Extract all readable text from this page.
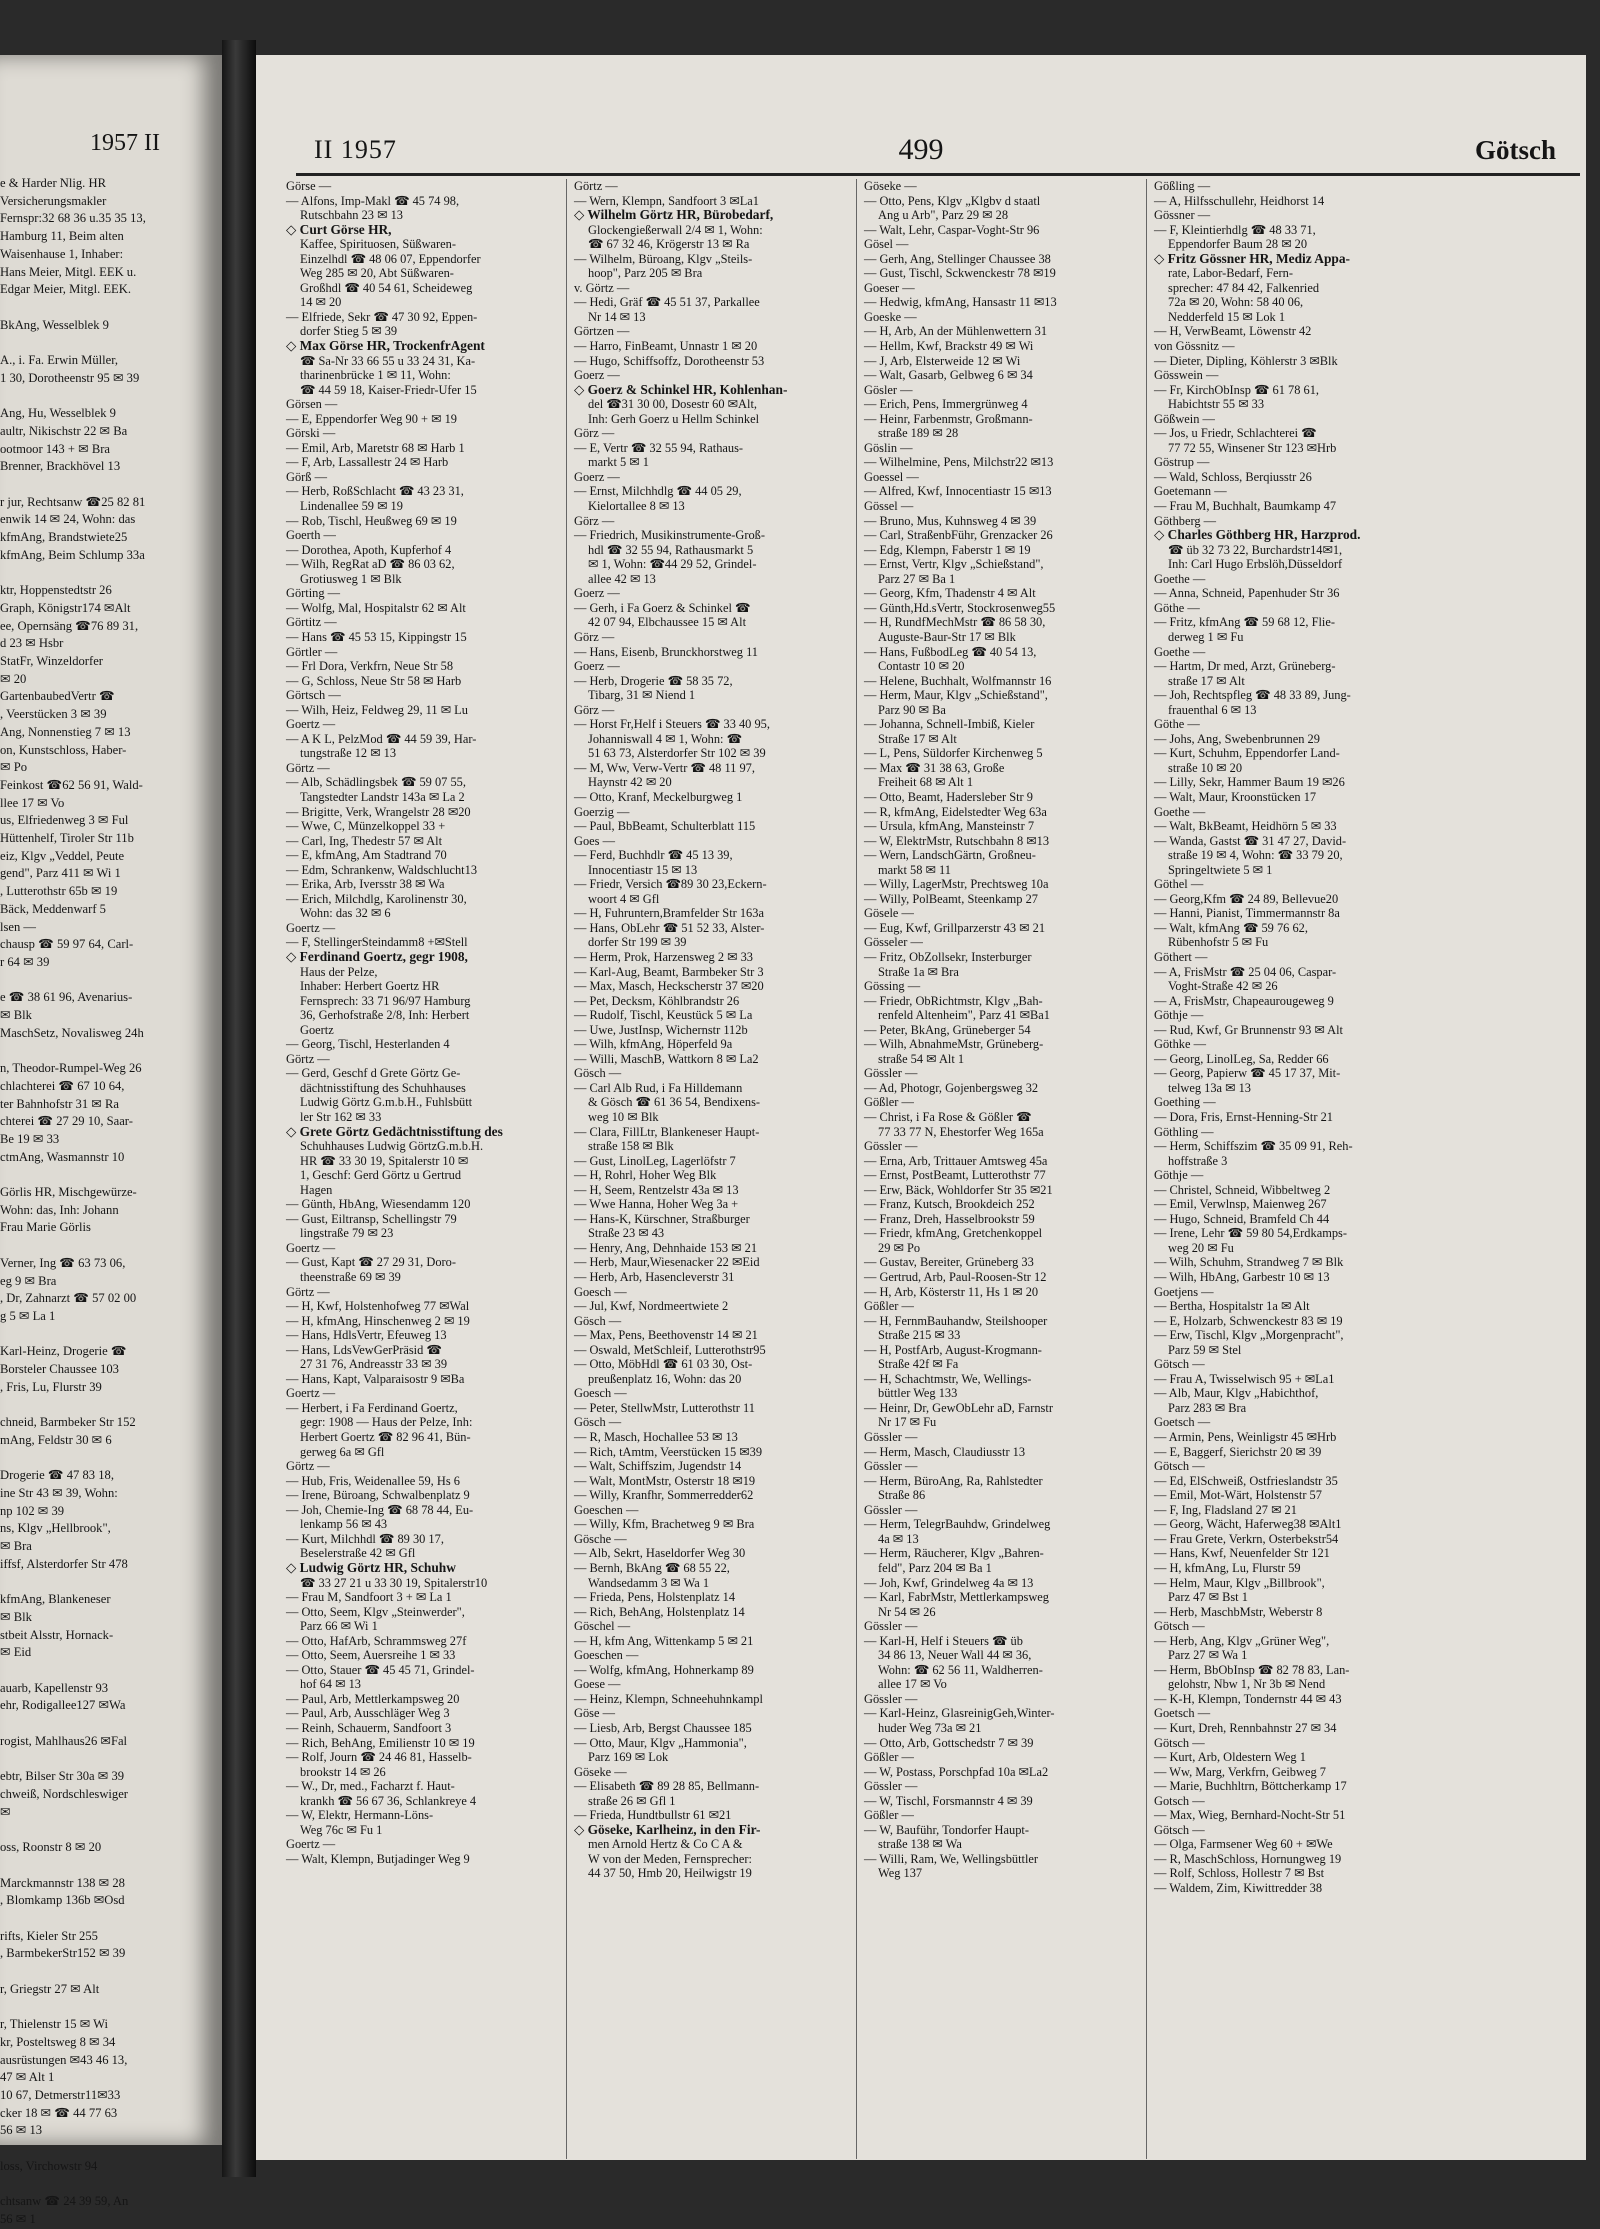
1957 II
e & Harder Nlig. HR
Versicherungsmakler
Fernspr:32 68 36 u.35 35 13,
Hamburg 11, Beim alten
Waisenhause 1, Inhaber:
Hans Meier, Mitgl. EEK u.
Edgar Meier, Mitgl. EEK.

BkAng, Wesselblek 9

A., i. Fa. Erwin Müller,
1 30, Dorotheenstr 95 ✉ 39

Ang, Hu, Wesselblek 9
aultr, Nikischstr 22 ✉ Ba
ootmoor 143 + ✉ Bra
Brenner, Brackhövel 13

r jur, Rechtsanw ☎25 82 81
enwik 14 ✉ 24, Wohn: das
kfmAng, Brandstwiete25
kfmAng, Beim Schlump 33a

ktr, Hoppenstedtstr 26
Graph, Königstr174 ✉Alt
ee, Opernsäng ☎76 89 31,
d 23 ✉ Hsbr
StatFr, Winzeldorfer
✉ 20
GartenbaubedVertr ☎
, Veerstücken 3 ✉ 39
Ang, Nonnenstieg 7 ✉ 13
on, Kunstschloss, Haber-
✉ Po
Feinkost ☎62 56 91, Wald-
llee 17 ✉ Vo
us, Elfriedenweg 3 ✉ Ful
Hüttenhelf, Tiroler Str 11b
eiz, Klgv „Veddel, Peute
gend", Parz 411 ✉ Wi 1
, Lutterothstr 65b ✉ 19
Bäck, Meddenwarf 5
lsen —
chausp ☎ 59 97 64, Carl-
r 64 ✉ 39

e ☎ 38 61 96, Avenarius-
✉ Blk
MaschSetz, Novalisweg 24h

n, Theodor-Rumpel-Weg 26
chlachterei ☎ 67 10 64,
ter Bahnhofstr 31 ✉ Ra
chterei ☎ 27 29 10, Saar-
Be 19 ✉ 33
ctmAng, Wasmannstr 10

Görlis HR, Mischgewürze-
Wohn: das, Inh: Johann
Frau Marie Görlis

Verner, Ing ☎ 63 73 06,
eg 9 ✉ Bra
, Dr, Zahnarzt ☎ 57 02 00
g 5 ✉ La 1

Karl-Heinz, Drogerie ☎
Borsteler Chaussee 103
, Fris, Lu, Flurstr 39

chneid, Barmbeker Str 152
mAng, Feldstr 30 ✉ 6

Drogerie ☎ 47 83 18,
ine Str 43 ✉ 39, Wohn:
np 102 ✉ 39
ns, Klgv „Hellbrook",
✉ Bra
iffsf, Alsterdorfer Str 478

kfmAng, Blankeneser
✉ Blk
stbeit Alsstr, Hornack-
✉ Eid

auarb, Kapellenstr 93
ehr, Rodigallee127 ✉Wa

rogist, Mahlhaus26 ✉Fal

ebtr, Bilser Str 30a ✉ 39
chweiß, Nordschleswiger
✉

oss, Roonstr 8 ✉ 20

Marckmannstr 138 ✉ 28
, Blomkamp 136b ✉Osd

rifts, Kieler Str 255
, BarmbekerStr152 ✉ 39

r, Griegstr 27 ✉ Alt

r, Thielenstr 15 ✉ Wi
kr, Posteltsweg 8 ✉ 34
ausrüstungen ✉43 46 13,
47 ✉ Alt 1
10 67, Detmerstr11✉33
cker 18 ✉ ☎ 44 77 63
56 ✉ 13

loss, Virchowstr 94

chtsanw ☎ 24 39 59, An
56 ✉ 1
II 1957	499	Götsch
Görse —
— Alfons, Imp-Makl ☎ 45 74 98,
Rutschbahn 23 ✉ 13
◇ Curt Görse HR,
Kaffee, Spirituosen, Süßwaren-
Einzelhdl ☎ 48 06 07, Eppendorfer
Weg 285 ✉ 20, Abt Süßwaren-
Großhdl ☎ 40 54 61, Scheideweg
14 ✉ 20
— Elfriede, Sekr ☎ 47 30 92, Eppen-
dorfer Stieg 5 ✉ 39
◇ Max Görse HR, TrockenfrAgent
☎ Sa-Nr 33 66 55 u 33 24 31, Ka-
tharinenbrücke 1 ✉ 11, Wohn:
☎ 44 59 18, Kaiser-Friedr-Ufer 15
Görsen —
— E, Eppendorfer Weg 90 + ✉ 19
Görski —
— Emil, Arb, Maretstr 68 ✉ Harb 1
— F, Arb, Lassallestr 24 ✉ Harb
Görß —
— Herb, RoßSchlacht ☎ 43 23 31,
Lindenallee 59 ✉ 19
— Rob, Tischl, Heußweg 69 ✉ 19
Goerth —
— Dorothea, Apoth, Kupferhof 4
— Wilh, RegRat aD ☎ 86 03 62,
Grotiusweg 1 ✉ Blk
Görting —
— Wolfg, Mal, Hospitalstr 62 ✉ Alt
Görtitz —
— Hans ☎ 45 53 15, Kippingstr 15
Görtler —
— Frl Dora, Verkfrn, Neue Str 58
— G, Schloss, Neue Str 58 ✉ Harb
Görtsch —
— Wilh, Heiz, Feldweg 29, 11 ✉ Lu
Goertz —
— A K L, PelzMod ☎ 44 59 39, Har-
tungstraße 12 ✉ 13
Görtz —
— Alb, Schädlingsbek ☎ 59 07 55,
Tangstedter Landstr 143a ✉ La 2
— Brigitte, Verk, Wrangelstr 28 ✉20
— Wwe, C, Münzelkoppel 33 +
— Carl, Ing, Thedestr 57 ✉ Alt
— E, kfmAng, Am Stadtrand 70
— Edm, Schrankenw, Waldschlucht13
— Erika, Arb, Iversstr 38 ✉ Wa
— Erich, Milchdlg, Karolinenstr 30,
Wohn: das 32 ✉ 6
Goertz —
— F, StellingerSteindamm8 +✉Stell
◇ Ferdinand Goertz, gegr 1908,
Haus der Pelze,
Inhaber: Herbert Goertz HR
Fernsprech: 33 71 96/97 Hamburg
36, Gerhofstraße 2/8, Inh: Herbert
Goertz
— Georg, Tischl, Hesterlanden 4
Görtz —
— Gerd, Geschf d Grete Görtz Ge-
dächtnisstiftung des Schuhhauses
Ludwig Görtz G.m.b.H., Fuhlsbütt
ler Str 162 ✉ 33
◇ Grete Görtz Gedächtnisstiftung des
Schuhhauses Ludwig GörtzG.m.b.H.
HR ☎ 33 30 19, Spitalerstr 10 ✉
1, Geschf: Gerd Görtz u Gertrud
Hagen
— Günth, HbAng, Wiesendamm 120
— Gust, Eiltransp, Schellingstr 79
lingstraße 79 ✉ 23
Goertz —
— Gust, Kapt ☎ 27 29 31, Doro-
theenstraße 69 ✉ 39
Görtz —
— H, Kwf, Holstenhofweg 77 ✉Wal
— H, kfmAng, Hinschenweg 2 ✉ 19
— Hans, HdlsVertr, Efeuweg 13
— Hans, LdsVewGerPräsid ☎
27 31 76, Andreasstr 33 ✉ 39
— Hans, Kapt, Valparaisostr 9 ✉Ba
Goertz —
— Herbert, i Fa Ferdinand Goertz,
gegr: 1908 — Haus der Pelze, Inh:
Herbert Goertz ☎ 82 96 41, Bün-
gerweg 6a ✉ Gfl
Görtz —
— Hub, Fris, Weidenallee 59, Hs 6
— Irene, Büroang, Schwalbenplatz 9
— Joh, Chemie-Ing ☎ 68 78 44, Eu-
lenkamp 56 ✉ 43
— Kurt, Milchhdl ☎ 89 30 17,
Beselerstraße 42 ✉ Gfl
◇ Ludwig Görtz HR, Schuhw
☎ 33 27 21 u 33 30 19, Spitalerstr10
— Frau M, Sandfoort 3 + ✉ La 1
— Otto, Seem, Klgv „Steinwerder",
Parz 66 ✉ Wi 1
— Otto, HafArb, Schrammsweg 27f
— Otto, Seem, Auersreihe 1 ✉ 33
— Otto, Stauer ☎ 45 45 71, Grindel-
hof 64 ✉ 13
— Paul, Arb, Mettlerkampsweg 20
— Paul, Arb, Ausschläger Weg 3
— Reinh, Schauerm, Sandfoort 3
— Rich, BehAng, Emilienstr 10 ✉ 19
— Rolf, Journ ☎ 24 46 81, Hasselb-
brookstr 14 ✉ 26
— W., Dr, med., Facharzt f. Haut-
krankh ☎ 56 67 36, Schlankreye 4
— W, Elektr, Hermann-Löns-
Weg 76c ✉ Fu 1
Goertz —
— Walt, Klempn, Butjadinger Weg 9
Görtz —
— Wern, Klempn, Sandfoort 3 ✉La1
◇ Wilhelm Görtz HR, Bürobedarf,
Glockengießerwall 2/4 ✉ 1, Wohn:
☎ 67 32 46, Krögerstr 13 ✉ Ra
— Wilhelm, Büroang, Klgv „Steils-
hoop", Parz 205 ✉ Bra
v. Görtz —
— Hedi, Gräf ☎ 45 51 37, Parkallee
Nr 14 ✉ 13
Görtzen —
— Harro, FinBeamt, Unnastr 1 ✉ 20
— Hugo, Schiffsoffz, Dorotheenstr 53
Goerz —
◇ Goerz & Schinkel HR, Kohlenhan-
del ☎31 30 00, Dosestr 60 ✉Alt,
Inh: Gerh Goerz u Hellm Schinkel
Görz —
— E, Vertr ☎ 32 55 94, Rathaus-
markt 5 ✉ 1
Goerz —
— Ernst, Milchhdlg ☎ 44 05 29,
Kielortallee 8 ✉ 13
Görz —
— Friedrich, Musikinstrumente-Groß-
hdl ☎ 32 55 94, Rathausmarkt 5
✉ 1, Wohn: ☎44 29 52, Grindel-
allee 42 ✉ 13
Goerz —
— Gerh, i Fa Goerz & Schinkel ☎
42 07 94, Elbchaussee 15 ✉ Alt
Görz —
— Hans, Eisenb, Brunckhorstweg 11
Goerz —
— Herb, Drogerie ☎ 58 35 72,
Tibarg, 31 ✉ Niend 1
Görz —
— Horst Fr,Helf i Steuers ☎ 33 40 95,
Johanniswall 4 ✉ 1, Wohn: ☎
51 63 73, Alsterdorfer Str 102 ✉ 39
— M, Ww, Verw-Vertr ☎ 48 11 97,
Haynstr 42 ✉ 20
— Otto, Kranf, Meckelburgweg 1
Goerzig —
— Paul, BbBeamt, Schulterblatt 115
Goes —
— Ferd, Buchhdlr ☎ 45 13 39,
Innocentiastr 15 ✉ 13
— Friedr, Versich ☎89 30 23,Eckern-
woort 4 ✉ Gfl
— H, Fuhruntern,Bramfelder Str 163a
— Hans, ObLehr ☎ 51 52 33, Alster-
dorfer Str 199 ✉ 39
— Herm, Prok, Harzensweg 2 ✉ 33
— Karl-Aug, Beamt, Barmbeker Str 3
— Max, Masch, Heckscherstr 37 ✉20
— Pet, Decksm, Köhlbrandstr 26
— Rudolf, Tischl, Keustück 5 ✉ La
— Uwe, JustInsp, Wichernstr 112b
— Wilh, kfmAng, Höperfeld 9a
— Willi, MaschB, Wattkorn 8 ✉ La2
Gösch —
— Carl Alb Rud, i Fa Hilldemann
& Gösch ☎ 61 36 54, Bendixens-
weg 10 ✉ Blk
— Clara, FillLtr, Blankeneser Haupt-
straße 158 ✉ Blk
— Gust, LinolLeg, Lagerlöfstr 7
— H, Rohrl, Hoher Weg Blk
— H, Seem, Rentzelstr 43a ✉ 13
— Wwe Hanna, Hoher Weg 3a +
— Hans-K, Kürschner, Straßburger
Straße 23 ✉ 43
— Henry, Ang, Dehnhaide 153 ✉ 21
— Herb, Maur,Wiesenacker 22 ✉Eid
— Herb, Arb, Hasencleverstr 31
Goesch —
— Jul, Kwf, Nordmeertwiete 2
Gösch —
— Max, Pens, Beethovenstr 14 ✉ 21
— Oswald, MetSchleif, Lutterothstr95
— Otto, MöbHdl ☎ 61 03 30, Ost-
preußenplatz 16, Wohn: das 20
Goesch —
— Peter, StellwMstr, Lutterothstr 11
Gösch —
— R, Masch, Hochallee 53 ✉ 13
— Rich, tAmtm, Veerstücken 15 ✉39
— Walt, Schiffszim, Jugendstr 14
— Walt, MontMstr, Osterstr 18 ✉19
— Willy, Kranfhr, Sommerredder62
Goeschen —
— Willy, Kfm, Brachetweg 9 ✉ Bra
Gösche —
— Alb, Sekrt, Haseldorfer Weg 30
— Bernh, BkAng ☎ 68 55 22,
Wandsedamm 3 ✉ Wa 1
— Frieda, Pens, Holstenplatz 14
— Rich, BehAng, Holstenplatz 14
Göschel —
— H, kfm Ang, Wittenkamp 5 ✉ 21
Goeschen —
— Wolfg, kfmAng, Hohnerkamp 89
Goese —
— Heinz, Klempn, Schneehuhnkampl
Göse —
— Liesb, Arb, Bergst Chaussee 185
— Otto, Maur, Klgv „Hammonia",
Parz 169 ✉ Lok
Göseke —
— Elisabeth ☎ 89 28 85, Bellmann-
straße 26 ✉ Gfl 1
— Frieda, Hundtbullstr 61 ✉21
◇ Göseke, Karlheinz, in den Fir-
men Arnold Hertz & Co C A &
W von der Meden, Fernsprecher:
44 37 50, Hmb 20, Heilwigstr 19
Göseke —
— Otto, Pens, Klgv „Klgbv d staatl
Ang u Arb", Parz 29 ✉ 28
— Walt, Lehr, Caspar-Voght-Str 96
Gösel —
— Gerh, Ang, Stellinger Chaussee 38
— Gust, Tischl, Sckwenckestr 78 ✉19
Goeser —
— Hedwig, kfmAng, Hansastr 11 ✉13
Goeske —
— H, Arb, An der Mühlenwettern 31
— Hellm, Kwf, Brackstr 49 ✉ Wi
— J, Arb, Elsterweide 12 ✉ Wi
— Walt, Gasarb, Gelbweg 6 ✉ 34
Gösler —
— Erich, Pens, Immergrünweg 4
— Heinr, Farbenmstr, Großmann-
straße 189 ✉ 28
Göslin —
— Wilhelmine, Pens, Milchstr22 ✉13
Goessel —
— Alfred, Kwf, Innocentiastr 15 ✉13
Gössel —
— Bruno, Mus, Kuhnsweg 4 ✉ 39
— Carl, StraßenbFühr, Grenzacker 26
— Edg, Klempn, Faberstr 1 ✉ 19
— Ernst, Vertr, Klgv „Schießstand",
Parz 27 ✉ Ba 1
— Georg, Kfm, Thadenstr 4 ✉ Alt
— Günth,Hd.sVertr, Stockrosenweg55
— H, RundfMechMstr ☎ 86 58 30,
Auguste-Baur-Str 17 ✉ Blk
— Hans, FußbodLeg ☎ 40 54 13,
Contastr 10 ✉ 20
— Helene, Buchhalt, Wolfmannstr 16
— Herm, Maur, Klgv „Schießstand",
Parz 90 ✉ Ba
— Johanna, Schnell-Imbiß, Kieler
Straße 17 ✉ Alt
— L, Pens, Süldorfer Kirchenweg 5
— Max ☎ 31 38 63, Große
Freiheit 68 ✉ Alt 1
— Otto, Beamt, Hadersleber Str 9
— R, kfmAng, Eidelstedter Weg 63a
— Ursula, kfmAng, Mansteinstr 7
— W, ElektrMstr, Rutschbahn 8 ✉13
— Wern, LandschGärtn, Großneu-
markt 58 ✉ 11
— Willy, LagerMstr, Prechtsweg 10a
— Willy, PolBeamt, Steenkamp 27
Gösele —
— Eug, Kwf, Grillparzerstr 43 ✉ 21
Gösseler —
— Fritz, ObZollsekr, Insterburger
Straße 1a ✉ Bra
Gössing —
— Friedr, ObRichtmstr, Klgv „Bah-
renfeld Altenheim", Parz 41 ✉Ba1
— Peter, BkAng, Grüneberger 54
— Wilh, AbnahmeMstr, Grüneberg-
straße 54 ✉ Alt 1
Gössler —
— Ad, Photogr, Gojenbergsweg 32
Gößler —
— Christ, i Fa Rose & Gößler ☎
77 33 77 N, Ehestorfer Weg 165a
Gössler —
— Erna, Arb, Trittauer Amtsweg 45a
— Ernst, PostBeamt, Lutterothstr 77
— Erw, Bäck, Wohldorfer Str 35 ✉21
— Franz, Kutsch, Brookdeich 252
— Franz, Dreh, Hasselbrookstr 59
— Friedr, kfmAng, Gretchenkoppel
29 ✉ Po
— Gustav, Bereiter, Grüneberg 33
— Gertrud, Arb, Paul-Roosen-Str 12
— H, Arb, Kösterstr 11, Hs 1 ✉ 20
Gößler —
— H, FernmBauhandw, Steilshooper
Straße 215 ✉ 33
— H, PostfArb, August-Krogmann-
Straße 42f ✉ Fa
— H, Schachtmstr, We, Wellings-
büttler Weg 133
— Heinr, Dr, GewObLehr aD, Farnstr
Nr 17 ✉ Fu
Gössler —
— Herm, Masch, Claudiusstr 13
Gössler —
— Herm, BüroAng, Ra, Rahlstedter
Straße 86
Gössler —
— Herm, TelegrBauhdw, Grindelweg
4a ✉ 13
— Herm, Räucherer, Klgv „Bahren-
feld", Parz 204 ✉ Ba 1
— Joh, Kwf, Grindelweg 4a ✉ 13
— Karl, FabrMstr, Mettlerkampsweg
Nr 54 ✉ 26
Gössler —
— Karl-H, Helf i Steuers ☎ üb
34 86 13, Neuer Wall 44 ✉ 36,
Wohn: ☎ 62 56 11, Waldherren-
allee 17 ✉ Vo
Gössler —
— Karl-Heinz, GlasreinigGeh,Winter-
huder Weg 73a ✉ 21
— Otto, Arb, Gottschedstr 7 ✉ 39
Gößler —
— W, Postass, Porschpfad 10a ✉La2
Gössler —
— W, Tischl, Forsmannstr 4 ✉ 39
Gößler —
— W, Bauführ, Tondorfer Haupt-
straße 138 ✉ Wa
— Willi, Ram, We, Wellingsbüttler
Weg 137
Gößling —
— A, Hilfsschullehr, Heidhorst 14
Gössner —
— F, Kleintierhdlg ☎ 48 33 71,
Eppendorfer Baum 28 ✉ 20
◇ Fritz Gössner HR, Mediz Appa-
rate, Labor-Bedarf, Fern-
sprecher: 47 84 42, Falkenried
72a ✉ 20, Wohn: 58 40 06,
Nedderfeld 15 ✉ Lok 1
— H, VerwBeamt, Löwenstr 42
von Gössnitz —
— Dieter, Dipling, Köhlerstr 3 ✉Blk
Gösswein —
— Fr, KirchObInsp ☎ 61 78 61,
Habichtstr 55 ✉ 33
Gößwein —
— Jos, u Friedr, Schlachterei ☎
77 72 55, Winsener Str 123 ✉Hrb
Göstrup —
— Wald, Schloss, Berqiusstr 26
Goetemann —
— Frau M, Buchhalt, Baumkamp 47
Göthberg —
◇ Charles Göthberg HR, Harzprod.
☎ üb 32 73 22, Burchardstr14✉1,
Inh: Carl Hugo Erbslöh,Düsseldorf
Goethe —
— Anna, Schneid, Papenhuder Str 36
Göthe —
— Fritz, kfmAng ☎ 59 68 12, Flie-
derweg 1 ✉ Fu
Goethe —
— Hartm, Dr med, Arzt, Grüneberg-
straße 17 ✉ Alt
— Joh, Rechtspfleg ☎ 48 33 89, Jung-
frauenthal 6 ✉ 13
Göthe —
— Johs, Ang, Swebenbrunnen 29
— Kurt, Schuhm, Eppendorfer Land-
straße 10 ✉ 20
— Lilly, Sekr, Hammer Baum 19 ✉26
— Walt, Maur, Kroonstücken 17
Goethe —
— Walt, BkBeamt, Heidhörn 5 ✉ 33
— Wanda, Gastst ☎ 31 47 27, David-
straße 19 ✉ 4, Wohn: ☎ 33 79 20,
Springeltwiete 5 ✉ 1
Göthel —
— Georg,Kfm ☎ 24 89, Bellevue20
— Hanni, Pianist, Timmermannstr 8a
— Walt, kfmAng ☎ 59 76 62,
Rübenhofstr 5 ✉ Fu
Göthert —
— A, FrisMstr ☎ 25 04 06, Caspar-
Voght-Straße 42 ✉ 26
— A, FrisMstr, Chapeaurougeweg 9
Göthje —
— Rud, Kwf, Gr Brunnenstr 93 ✉ Alt
Göthke —
— Georg, LinolLeg, Sa, Redder 66
— Georg, Papierw ☎ 45 17 37, Mit-
telweg 13a ✉ 13
Goething —
— Dora, Fris, Ernst-Henning-Str 21
Göthling —
— Herm, Schiffszim ☎ 35 09 91, Reh-
hoffstraße 3
Göthje —
— Christel, Schneid, Wibbeltweg 2
— Emil, Verwlnsp, Maienweg 267
— Hugo, Schneid, Bramfeld Ch 44
— Irene, Lehr ☎ 59 80 54,Erdkamps-
weg 20 ✉ Fu
— Wilh, Schuhm, Strandweg 7 ✉ Blk
— Wilh, HbAng, Garbestr 10 ✉ 13
Goetjens —
— Bertha, Hospitalstr 1a ✉ Alt
— E, Holzarb, Schwenckestr 83 ✉ 19
— Erw, Tischl, Klgv „Morgenpracht",
Parz 59 ✉ Stel
Götsch —
— Frau A, Twisselwisch 95 + ✉La1
— Alb, Maur, Klgv „Habichthof,
Parz 283 ✉ Bra
Goetsch —
— Armin, Pens, Weinligstr 45 ✉Hrb
— E, Baggerf, Sierichstr 20 ✉ 39
Götsch —
— Ed, ElSchweiß, Ostfrieslandstr 35
— Emil, Mot-Wärt, Holstenstr 57
— F, Ing, Fladsland 27 ✉ 21
— Georg, Wächt, Haferweg38 ✉Alt1
— Frau Grete, Verkrn, Osterbekstr54
— Hans, Kwf, Neuenfelder Str 121
— H, kfmAng, Lu, Flurstr 59
— Helm, Maur, Klgv „Billbrook",
Parz 47 ✉ Bst 1
— Herb, MaschbMstr, Weberstr 8
Götsch —
— Herb, Ang, Klgv „Grüner Weg",
Parz 27 ✉ Wa 1
— Herm, BbObInsp ☎ 82 78 83, Lan-
gelohstr, Nbw 1, Nr 3b ✉ Nend
— K-H, Klempn, Tondernstr 44 ✉ 43
Goetsch —
— Kurt, Dreh, Rennbahnstr 27 ✉ 34
Götsch —
— Kurt, Arb, Oldestern Weg 1
— Ww, Marg, Verkfrn, Geibweg 7
— Marie, Buchhltrn, Böttcherkamp 17
Gotsch —
— Max, Wieg, Bernhard-Nocht-Str 51
Götsch —
— Olga, Farmsener Weg 60 + ✉We
— R, MaschSchloss, Hornungweg 19
— Rolf, Schloss, Hollestr 7 ✉ Bst
— Waldem, Zim, Kiwittredder 38
